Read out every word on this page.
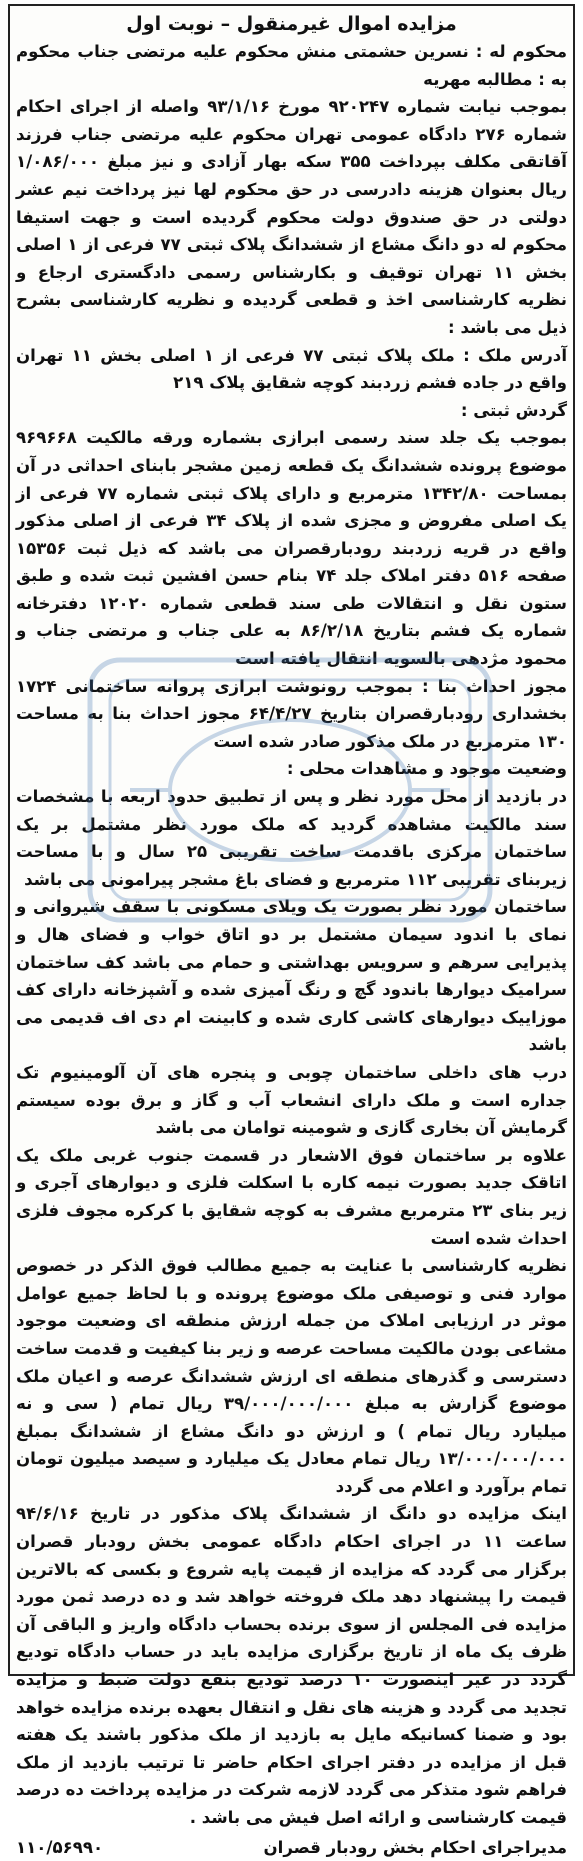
مزایده اموال غیرمنقول – نوبت اول

محکوم له : نسرین حشمتی منش محکوم علیه مرتضی جناب محکوم به : مطالبه مهریه

بموجب نیابت شماره ۹۲۰۲۴۷ مورخ ۹۳/۱/۱۶ واصله از اجرای احکام شماره ۲۷۶ دادگاه عمومی تهران محکوم علیه مرتضی جناب فرزند آقاتقی مکلف بپرداخت ۳۵۵ سکه بهار آزادی و نیز مبلغ ۱/۰۸۶/۰۰۰ ریال بعنوان هزینه دادرسی در حق محکوم لها نیز پرداخت نیم عشر دولتی در حق صندوق دولت محکوم گردیده است و جهت استیفا محکوم له دو دانگ مشاع از ششدانگ پلاک ثبتی ۷۷ فرعی از ۱ اصلی بخش ۱۱ تهران توقیف و بکارشناس رسمی دادگستری ارجاع و نظریه کارشناسی اخذ و قطعی گردیده و نظریه کارشناسی بشرح ذیل می باشد :

آدرس ملک : ملک پلاک ثبتی ۷۷ فرعی از ۱ اصلی بخش ۱۱ تهران واقع در جاده فشم زردبند کوچه شقایق پلاک ۲۱۹

گردش ثبتی :

بموجب یک جلد سند رسمی ابرازی بشماره ورقه مالکیت ۹۶۹۶۶۸ موضوع پرونده ششدانگ یک قطعه زمین مشجر بابنای احداثی در آن بمساحت ۱۳۴۲/۸۰ مترمربع و دارای پلاک ثبتی شماره ۷۷ فرعی از یک اصلی مفروض و مجزی شده از پلاک ۳۴ فرعی از اصلی مذکور واقع در قریه زردبند رودبارقصران می باشد که ذیل ثبت ۱۵۳۵۶ صفحه ۵۱۶ دفتر املاک جلد ۷۴ بنام حسن افشین ثبت شده و طبق ستون نقل و انتقالات طی سند قطعی شماره ۱۲۰۲۰ دفترخانه شماره یک فشم بتاریخ ۸۶/۲/۱۸ به علی جناب و مرتضی جناب و محمود مژدهی بالسویه انتقال یافته است

مجوز احداث بنا : بموجب رونوشت ابرازی پروانه ساختمانی ۱۷۲۴ بخشداری رودبارقصران بتاریخ ۶۴/۴/۲۷ مجوز احداث بنا به مساحت ۱۳۰ مترمربع در ملک مذکور صادر شده است

وضعیت موجود و مشاهدات محلی :

در بازدید از محل مورد نظر و پس از تطبیق حدود اربعه با مشخصات سند مالکیت مشاهده گردید که ملک مورد نظر مشتمل بر یک ساختمان مرکزی باقدمت ساخت تقریبی ۲۵ سال و با مساحت زیربنای تقریبی ۱۱۲ مترمربع و فضای باغ مشجر پیرامونی می باشد

ساختمان مورد نظر بصورت یک ویلای مسکونی با سقف شیروانی و نمای با اندود سیمان مشتمل بر دو اتاق خواب و فضای هال و پذیرایی سرهم و سرویس بهداشتی و حمام می باشد کف ساختمان سرامیک دیوارها باندود گچ و رنگ آمیزی شده و آشپزخانه دارای کف موزاییک دیوارهای کاشی کاری شده و کابینت ام دی اف قدیمی می باشد

درب های داخلی ساختمان چوبی و پنجره های آن آلومینیوم تک جداره است و ملک دارای انشعاب آب و گاز و برق بوده سیستم گرمایش آن بخاری گازی و شومینه توامان می باشد

علاوه بر ساختمان فوق الاشعار در قسمت جنوب غربی ملک یک اتاقک جدید بصورت نیمه کاره با اسکلت فلزی و دیوارهای آجری و زیر بنای ۲۳ مترمربع مشرف به کوچه شقایق با کرکره مجوف فلزی احداث شده است

نظریه کارشناسی با عنایت به جمیع مطالب فوق الذکر در خصوص موارد فنی و توصیفی ملک موضوع پرونده و با لحاظ جمیع عوامل موثر در ارزیابی املاک من جمله ارزش منطقه ای وضعیت موجود مشاعی بودن مالکیت مساحت عرصه و زیر بنا کیفیت و قدمت ساخت دسترسی و گذرهای منطقه ای ارزش ششدانگ عرصه و اعیان ملک موضوع گزارش به مبلغ ۳۹/۰۰۰/۰۰۰/۰۰۰ ریال تمام ( سی و نه میلیارد ریال تمام ) و ارزش دو دانگ مشاع از ششدانگ بمبلغ ۱۳/۰۰۰/۰۰۰/۰۰۰ ریال تمام معادل یک میلیارد و سیصد میلیون تومان تمام برآورد و اعلام می گردد

اینک مزایده دو دانگ از ششدانگ پلاک مذکور در تاریخ ۹۴/۶/۱۶ ساعت ۱۱ در اجرای احکام دادگاه عمومی بخش رودبار قصران برگزار می گردد که مزایده از قیمت پایه شروع و بکسی که بالاترین قیمت را پیشنهاد دهد ملک فروخته خواهد شد و ده درصد ثمن مورد مزایده فی المجلس از سوی برنده بحساب دادگاه واریز و الباقی آن ظرف یک ماه از تاریخ برگزاری مزایده باید در حساب دادگاه تودیع گردد در غیر اینصورت ۱۰ درصد تودیع بنفع دولت ضبط و مزایده تجدید می گردد و هزینه های نقل و انتقال بعهده برنده مزایده خواهد بود و ضمنا کسانیکه مایل به بازدید از ملک مذکور باشند یک هفته قبل از مزایده در دفتر اجرای احکام حاضر تا ترتیب بازدید از ملک فراهم شود متذکر می گردد لازمه شرکت در مزایده پرداخت ده درصد قیمت کارشناسی و ارائه اصل فیش می باشد .

مدیراجرای احکام بخش رودبار قصران
۱۱۰/۵۶۹۹۰
